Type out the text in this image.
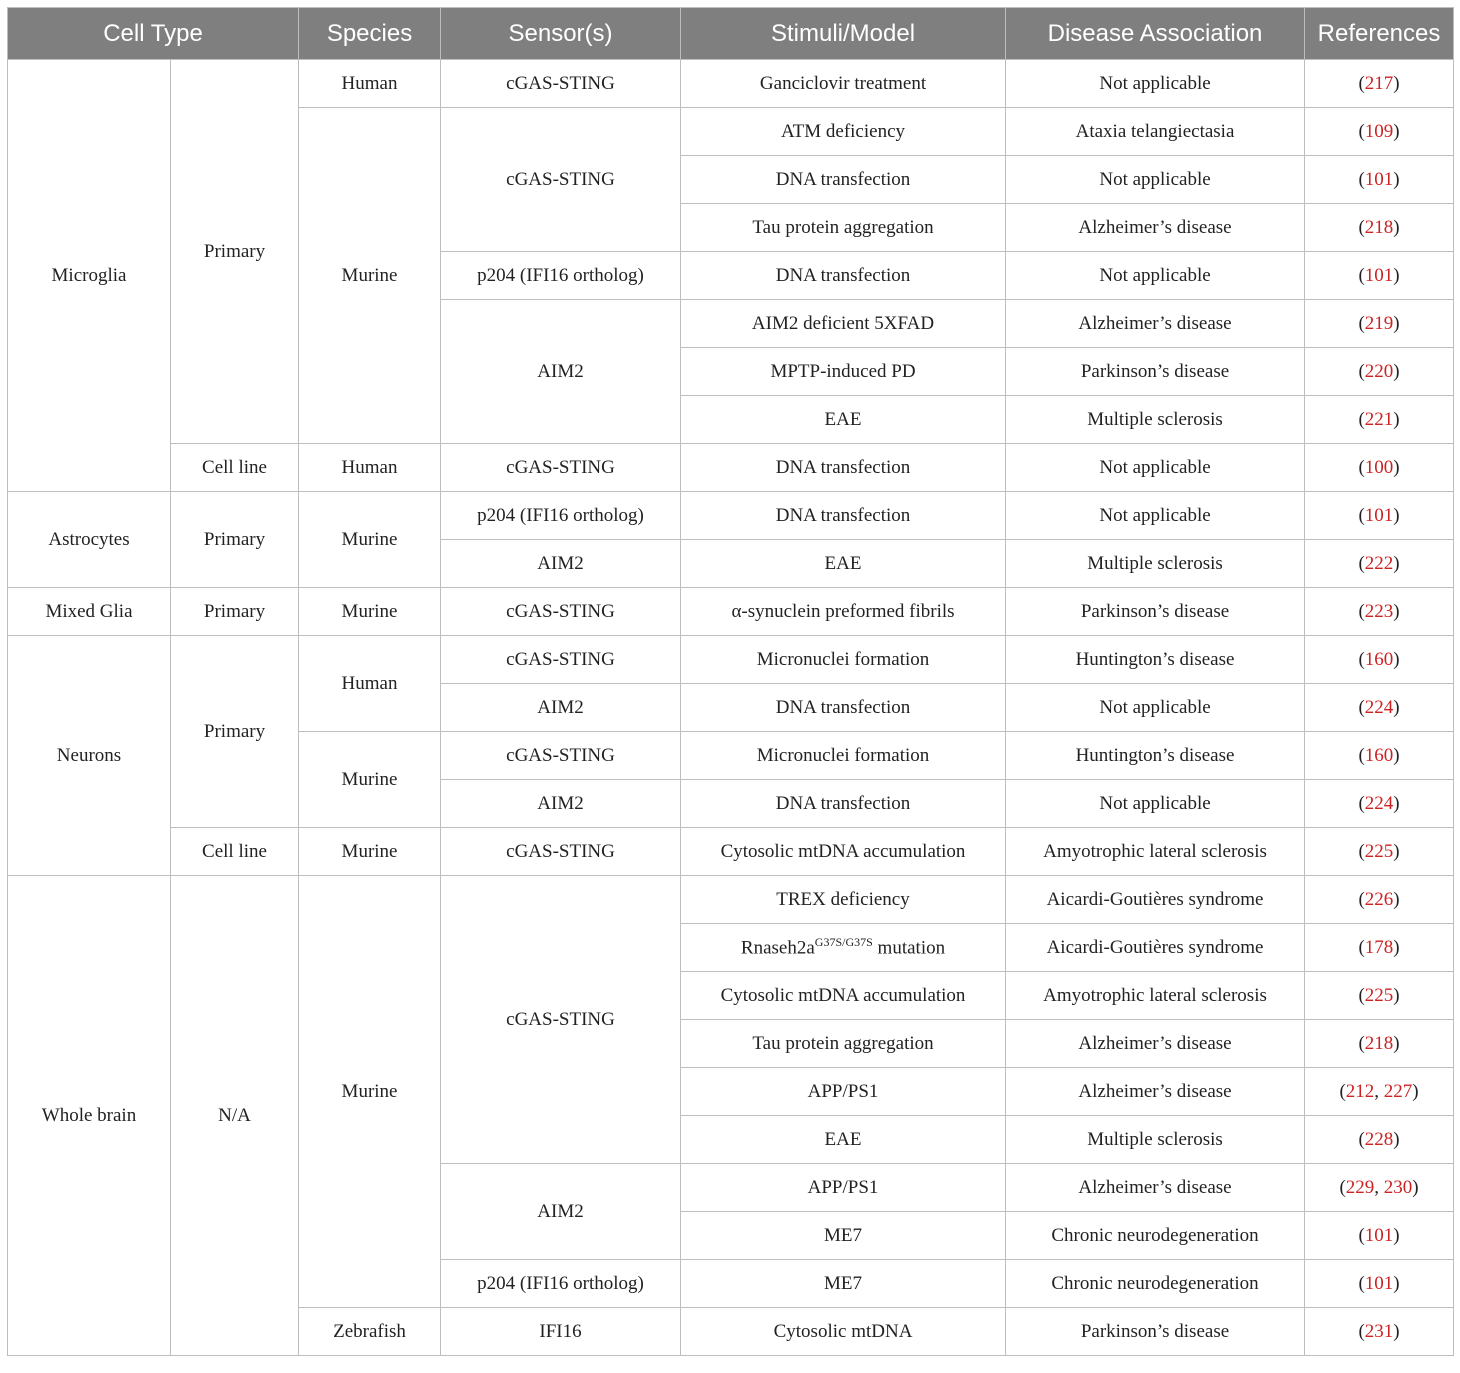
Cell Type		Species	Sensor(s)	Stimuli/Model	Disease Association	References
Microglia	Primary	Human	cGAS-STING	Ganciclovir treatment	Not applicable	(217)
		Murine	cGAS-STING	ATM deficiency	Ataxia telangiectasia	(109)
				DNA transfection	Not applicable	(101)
				Tau protein aggregation	Alzheimer’s disease	(218)
			p204 (IFI16 ortholog)	DNA transfection	Not applicable	(101)
			AIM2	AIM2 deficient 5XFAD	Alzheimer’s disease	(219)
				MPTP-induced PD	Parkinson’s disease	(220)
				EAE	Multiple sclerosis	(221)
	Cell line	Human	cGAS-STING	DNA transfection	Not applicable	(100)
Astrocytes	Primary	Murine	p204 (IFI16 ortholog)	DNA transfection	Not applicable	(101)
			AIM2	EAE	Multiple sclerosis	(222)
Mixed Glia	Primary	Murine	cGAS-STING	α-synuclein preformed fibrils	Parkinson’s disease	(223)
Neurons	Primary	Human	cGAS-STING	Micronuclei formation	Huntington’s disease	(160)
			AIM2	DNA transfection	Not applicable	(224)
		Murine	cGAS-STING	Micronuclei formation	Huntington’s disease	(160)
			AIM2	DNA transfection	Not applicable	(224)
	Cell line	Murine	cGAS-STING	Cytosolic mtDNA accumulation	Amyotrophic lateral sclerosis	(225)
Whole brain	N/A	Murine	cGAS-STING	TREX deficiency	Aicardi-Goutières syndrome	(226)
				$Rnaseh2a^{G37S/G37S}$ mutation	Aicardi-Goutières syndrome	(178)
				Cytosolic mtDNA accumulation	Amyotrophic lateral sclerosis	(225)
				Tau protein aggregation	Alzheimer’s disease	(218)
				APP/PS1	Alzheimer’s disease	(212, 227)
				EAE	Multiple sclerosis	(228)
			AIM2	APP/PS1	Alzheimer’s disease	(229, 230)
				ME7	Chronic neurodegeneration	(101)
			p204 (IFI16 ortholog)	ME7	Chronic neurodegeneration	(101)
		Zebrafish	IFI16	Cytosolic mtDNA	Parkinson’s disease	(231)
